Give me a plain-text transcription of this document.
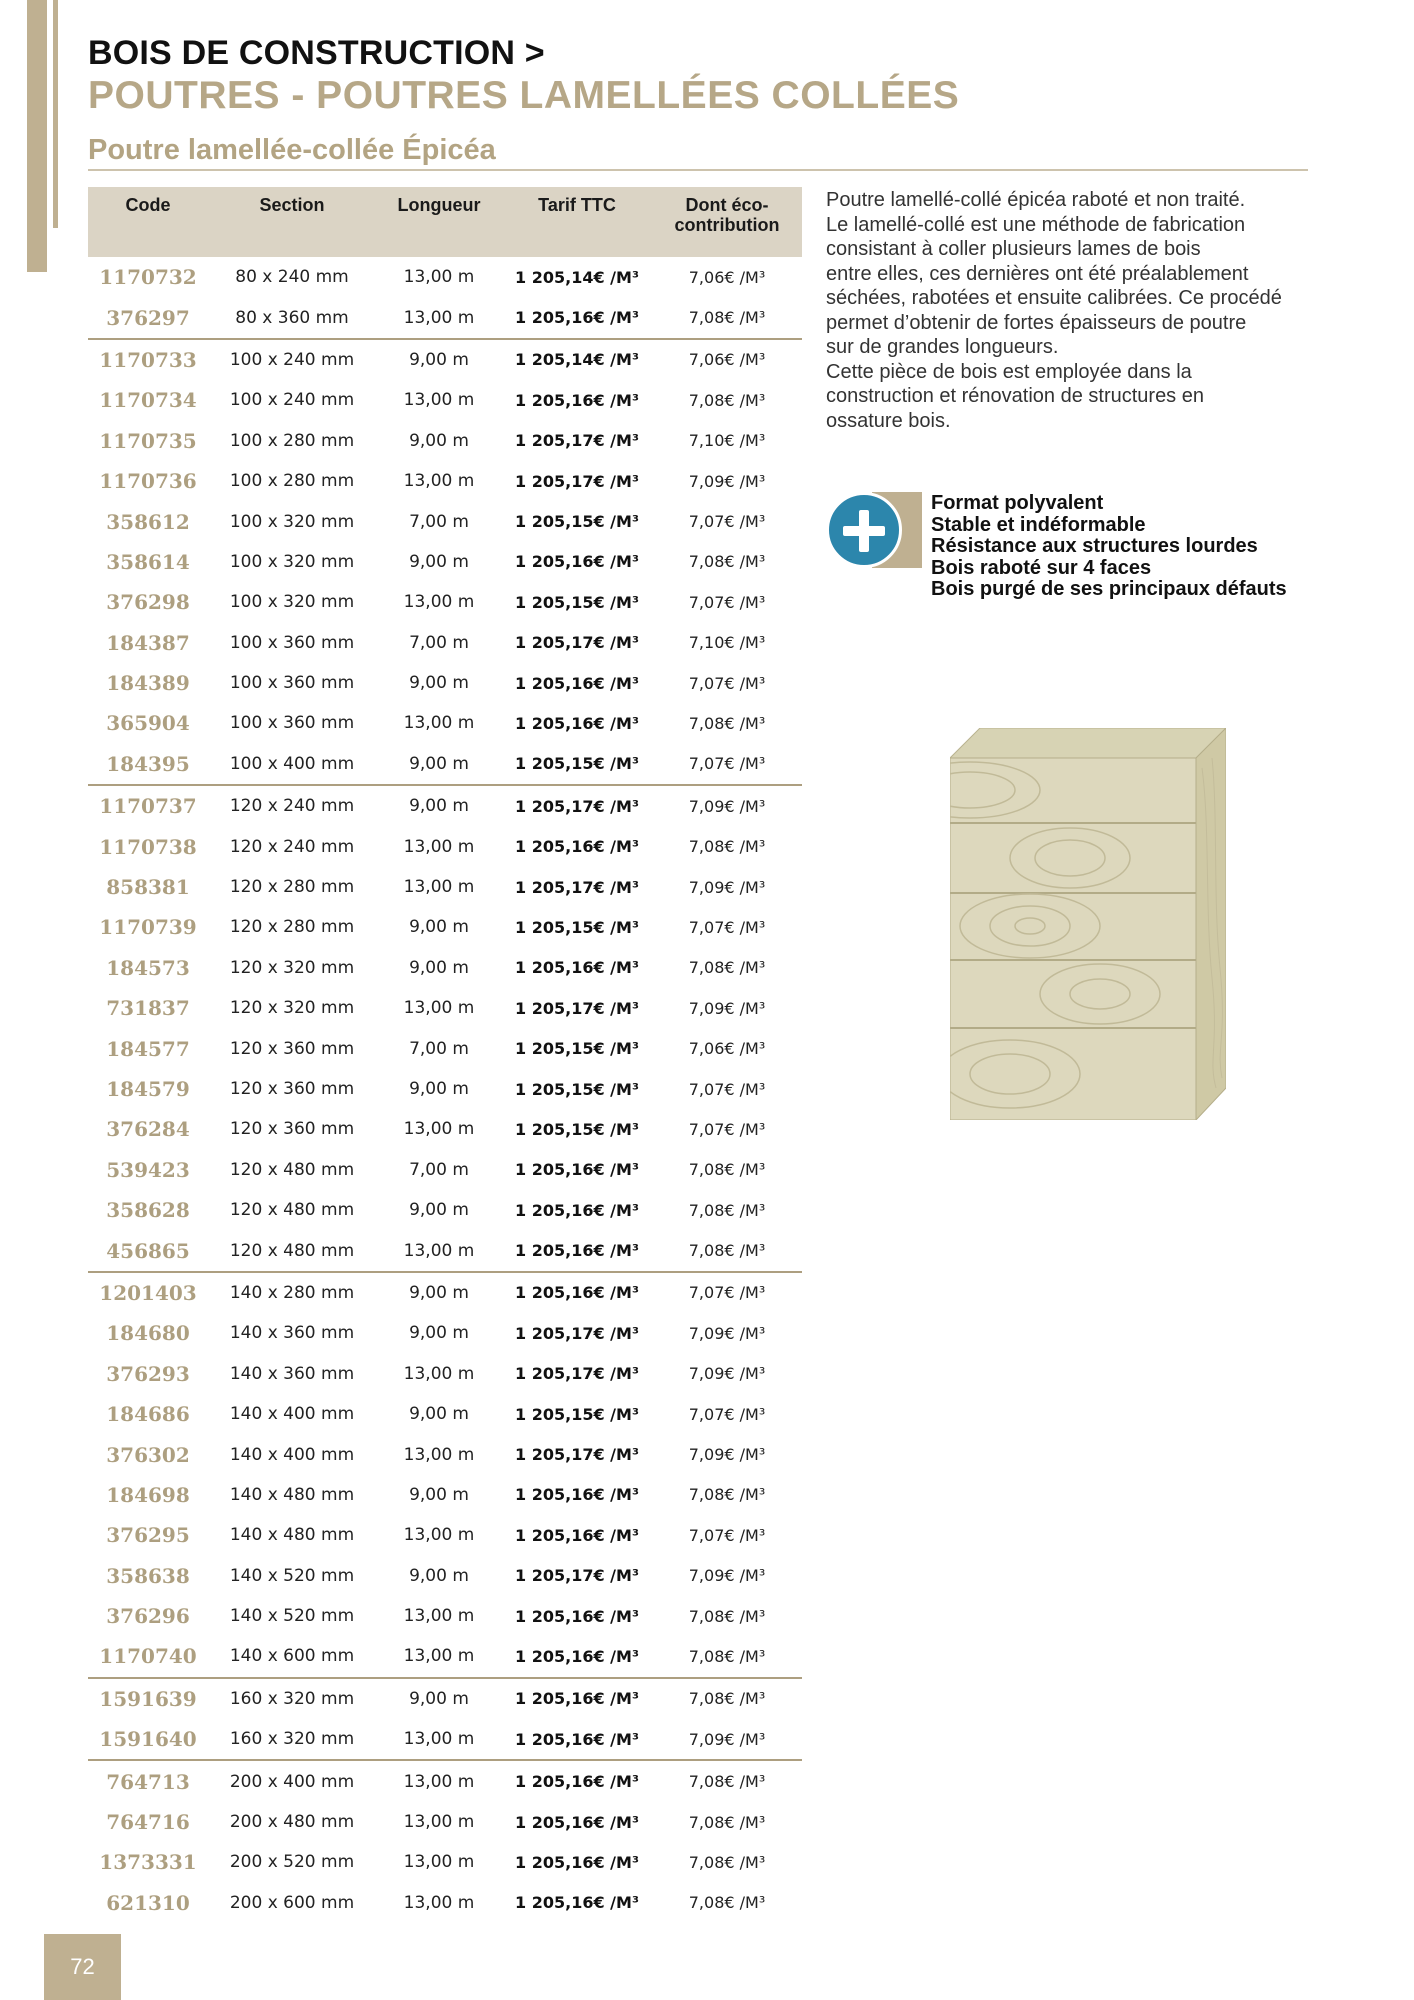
BOIS DE CONSTRUCTION >
POUTRES - POUTRES LAMELLÉES COLLÉES
Poutre lamellée-collée Épicéa
Code	Section	Longueur	Tarif TTC	Dont éco-contribution
1170732	80 x 240 mm	13,00 m	1 205,14€ /M³	7,06€ /M³
376297	80 x 360 mm	13,00 m	1 205,16€ /M³	7,08€ /M³
1170733	100 x 240 mm	9,00 m	1 205,14€ /M³	7,06€ /M³
1170734	100 x 240 mm	13,00 m	1 205,16€ /M³	7,08€ /M³
1170735	100 x 280 mm	9,00 m	1 205,17€ /M³	7,10€ /M³
1170736	100 x 280 mm	13,00 m	1 205,17€ /M³	7,09€ /M³
358612	100 x 320 mm	7,00 m	1 205,15€ /M³	7,07€ /M³
358614	100 x 320 mm	9,00 m	1 205,16€ /M³	7,08€ /M³
376298	100 x 320 mm	13,00 m	1 205,15€ /M³	7,07€ /M³
184387	100 x 360 mm	7,00 m	1 205,17€ /M³	7,10€ /M³
184389	100 x 360 mm	9,00 m	1 205,16€ /M³	7,07€ /M³
365904	100 x 360 mm	13,00 m	1 205,16€ /M³	7,08€ /M³
184395	100 x 400 mm	9,00 m	1 205,15€ /M³	7,07€ /M³
1170737	120 x 240 mm	9,00 m	1 205,17€ /M³	7,09€ /M³
1170738	120 x 240 mm	13,00 m	1 205,16€ /M³	7,08€ /M³
858381	120 x 280 mm	13,00 m	1 205,17€ /M³	7,09€ /M³
1170739	120 x 280 mm	9,00 m	1 205,15€ /M³	7,07€ /M³
184573	120 x 320 mm	9,00 m	1 205,16€ /M³	7,08€ /M³
731837	120 x 320 mm	13,00 m	1 205,17€ /M³	7,09€ /M³
184577	120 x 360 mm	7,00 m	1 205,15€ /M³	7,06€ /M³
184579	120 x 360 mm	9,00 m	1 205,15€ /M³	7,07€ /M³
376284	120 x 360 mm	13,00 m	1 205,15€ /M³	7,07€ /M³
539423	120 x 480 mm	7,00 m	1 205,16€ /M³	7,08€ /M³
358628	120 x 480 mm	9,00 m	1 205,16€ /M³	7,08€ /M³
456865	120 x 480 mm	13,00 m	1 205,16€ /M³	7,08€ /M³
1201403	140 x 280 mm	9,00 m	1 205,16€ /M³	7,07€ /M³
184680	140 x 360 mm	9,00 m	1 205,17€ /M³	7,09€ /M³
376293	140 x 360 mm	13,00 m	1 205,17€ /M³	7,09€ /M³
184686	140 x 400 mm	9,00 m	1 205,15€ /M³	7,07€ /M³
376302	140 x 400 mm	13,00 m	1 205,17€ /M³	7,09€ /M³
184698	140 x 480 mm	9,00 m	1 205,16€ /M³	7,08€ /M³
376295	140 x 480 mm	13,00 m	1 205,16€ /M³	7,07€ /M³
358638	140 x 520 mm	9,00 m	1 205,17€ /M³	7,09€ /M³
376296	140 x 520 mm	13,00 m	1 205,16€ /M³	7,08€ /M³
1170740	140 x 600 mm	13,00 m	1 205,16€ /M³	7,08€ /M³
1591639	160 x 320 mm	9,00 m	1 205,16€ /M³	7,08€ /M³
1591640	160 x 320 mm	13,00 m	1 205,16€ /M³	7,09€ /M³
764713	200 x 400 mm	13,00 m	1 205,16€ /M³	7,08€ /M³
764716	200 x 480 mm	13,00 m	1 205,16€ /M³	7,08€ /M³
1373331	200 x 520 mm	13,00 m	1 205,16€ /M³	7,08€ /M³
621310	200 x 600 mm	13,00 m	1 205,16€ /M³	7,08€ /M³
Poutre lamellé-collé épicéa raboté et non traité.
Le lamellé-collé est une méthode de fabrication
consistant à coller plusieurs lames de bois
entre elles, ces dernières ont été préalablement
séchées, rabotées et ensuite calibrées. Ce procédé
permet d’obtenir de fortes épaisseurs de poutre
sur de grandes longueurs.
Cette pièce de bois est employée dans la
construction et rénovation de structures en
ossature bois.
Format polyvalent
Stable et indéformable
Résistance aux structures lourdes
Bois raboté sur 4 faces
Bois purgé de ses principaux défauts
72
